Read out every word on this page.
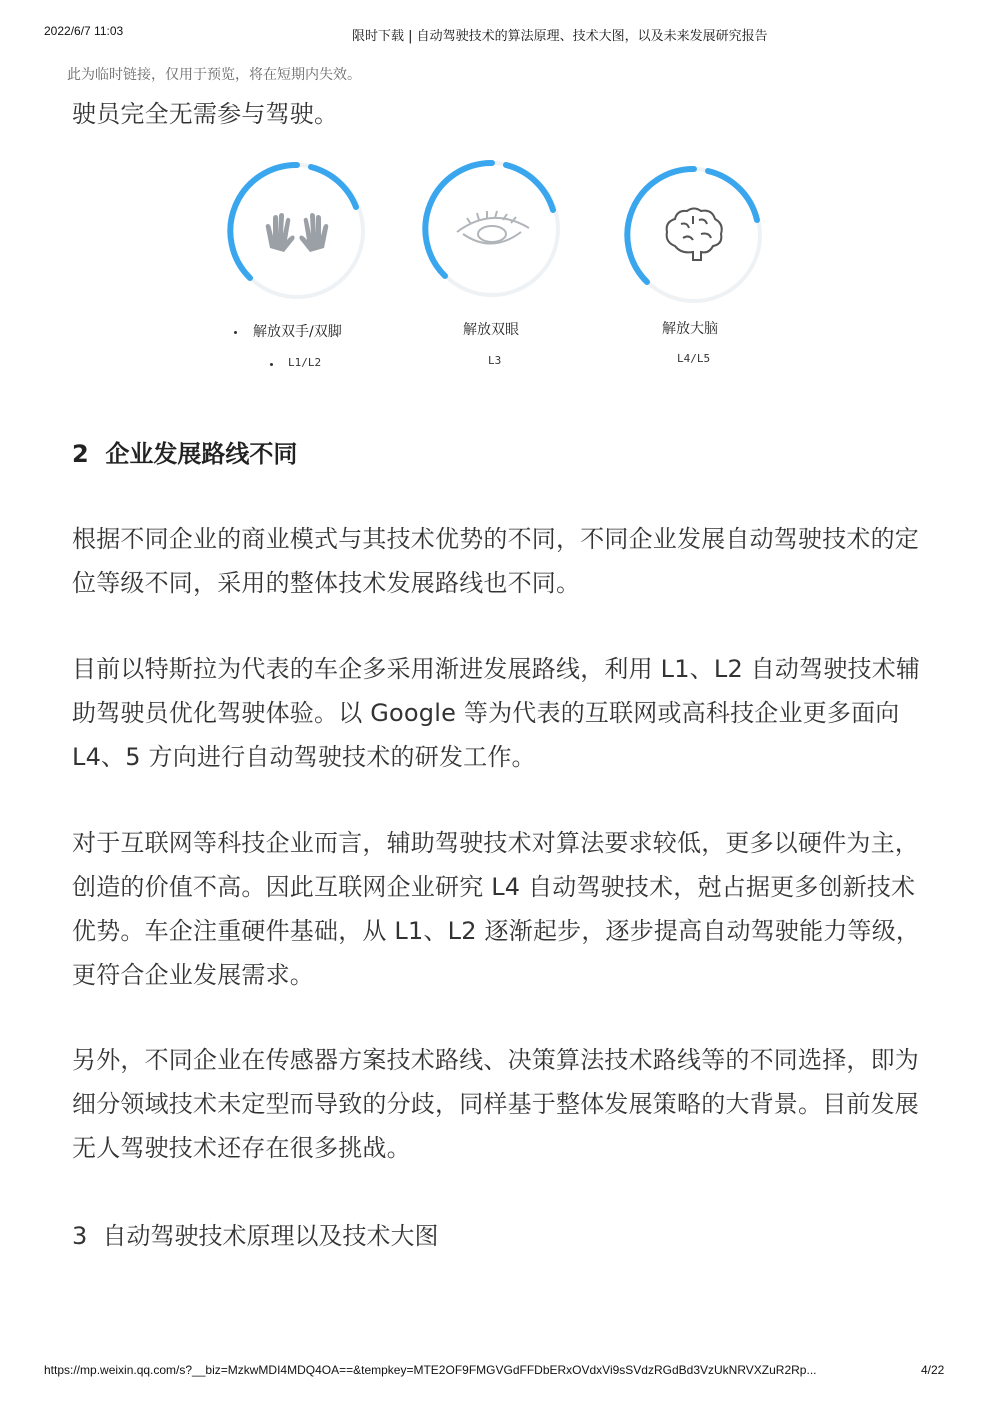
2022/6/7 11:03	限时下载 | 自动驾驶技术的算法原理、技术大图，以及未来发展研究报告
此为临时链接，仅用于预览，将在短期内失效。

驶员完全无需参与驾驶。

解放双手/双脚
L1/L2
解放双眼
L3
解放大脑
L4/L5
2  企业发展路线不同

根据不同企业的商业模式与其技术优势的不同，不同企业发展自动驾驶技术的定位等级不同，采用的整体技术发展路线也不同。

目前以特斯拉为代表的车企多采用渐进发展路线，利用 L1、L2 自动驾驶技术辅助驾驶员优化驾驶体验。以 Google 等为代表的互联网或高科技企业更多面向 L4、5 方向进行自动驾驶技术的研发工作。

对于互联网等科技企业而言，辅助驾驶技术对算法要求较低，更多以硬件为主，创造的价值不高。因此互联网企业研究 L4 自动驾驶技术，尅占据更多创新技术优势。车企注重硬件基础，从 L1、L2 逐渐起步，逐步提高自动驾驶能力等级，更符合企业发展需求。

另外，不同企业在传感器方案技术路线、决策算法技术路线等的不同选择，即为细分领域技术未定型而导致的分歧，同样基于整体发展策略的大背景。目前发展无人驾驶技术还存在很多挑战。

3  自动驾驶技术原理以及技术大图
https://mp.weixin.qq.com/s?__biz=MzkwMDI4MDQ4OA==&tempkey=MTE2OF9FMGVGdFFDbERxOVdxVi9sSVdzRGdBd3VzUkNRVXZuR2Rp...	4/22
